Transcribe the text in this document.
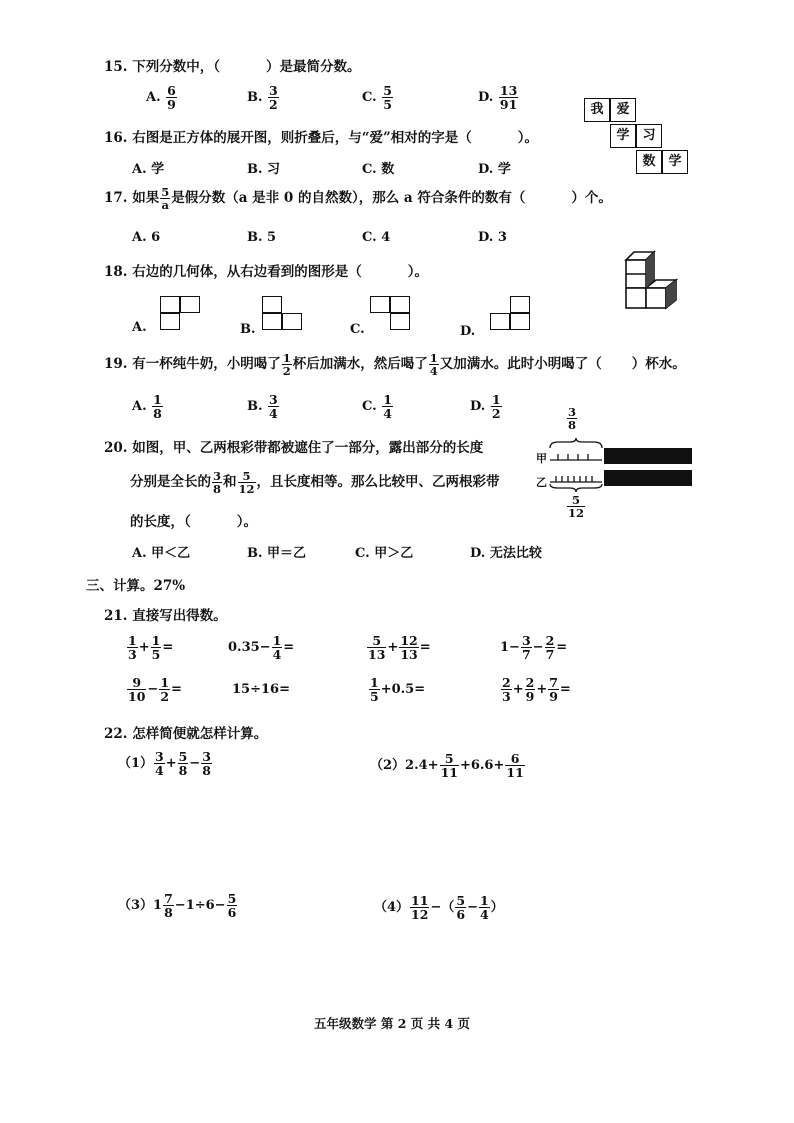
15. 下列分数中，（	）是最简分数。
A. $\frac{6}{9}$	B. $\frac{3}{2}$	C. $\frac{5}{5}$	D. $\frac{13}{91}$	我 爱
学 习
数 学
16. 右图是正方体的展开图，则折叠后，与“爱”相对的字是（	）。
A. 学	B. 习	C. 数	D. 学
17. 如果 $\frac{5}{a}$ 是假分数（a 是非 0 的自然数），那么 a 符合条件的数有（	）个。
A. 6	B. 5	C. 4	D. 3
18. 右边的几何体，从右边看到的图形是（	）。
A.	B.	C.	D.
19. 有一杯纯牛奶，小明喝了 $\frac{1}{2}$ 杯后加满水，然后喝了 $\frac{1}{4}$ 又加满水。此时小明喝了（ ）杯水。
A. $\frac{1}{8}$	B. $\frac{3}{4}$	C. $\frac{1}{4}$	D. $\frac{1}{2}$
20. 如图，甲、乙两根彩带都被遮住了一部分，露出部分的长度
分别是全长的 $\frac{3}{8}$ 和 $\frac{5}{12}$ ，且长度相等。那么比较甲、乙两根彩带
的长度，（	）。
A. 甲＜乙	B. 甲＝乙	C. 甲＞乙	D. 无法比较
$\frac{3}{8}$
甲
乙
$\frac{5}{12}$
三、计算。27%
21. 直接写出得数。
$\frac{1}{3} + \frac{1}{5}$ =	$0.35- \frac{1}{4}$ =	$\frac{5}{13} + \frac{12}{13}$ =	$1- \frac{3}{7} - \frac{2}{7}$ =
$\frac{9}{10} - \frac{1}{2}$ =	15÷16=	$\frac{1}{5} +0.5=$	$\frac{2}{3} + \frac{2}{9} + \frac{7}{9}$ =
22. 怎样简便就怎样计算。
$(1) \frac{3}{4} + \frac{5}{8} - \frac{3}{8}$	$(2)2.4+ \frac{5}{11} +6.6+ \frac{6}{11}$
$(3)1 \frac{7}{8} -1\div 6- \frac{5}{6}$	$(4) \frac{11}{12}$ −（ $\frac{5}{6} - \frac{1}{4}$ ）
五年级数学 第 2 页 共 4 页
